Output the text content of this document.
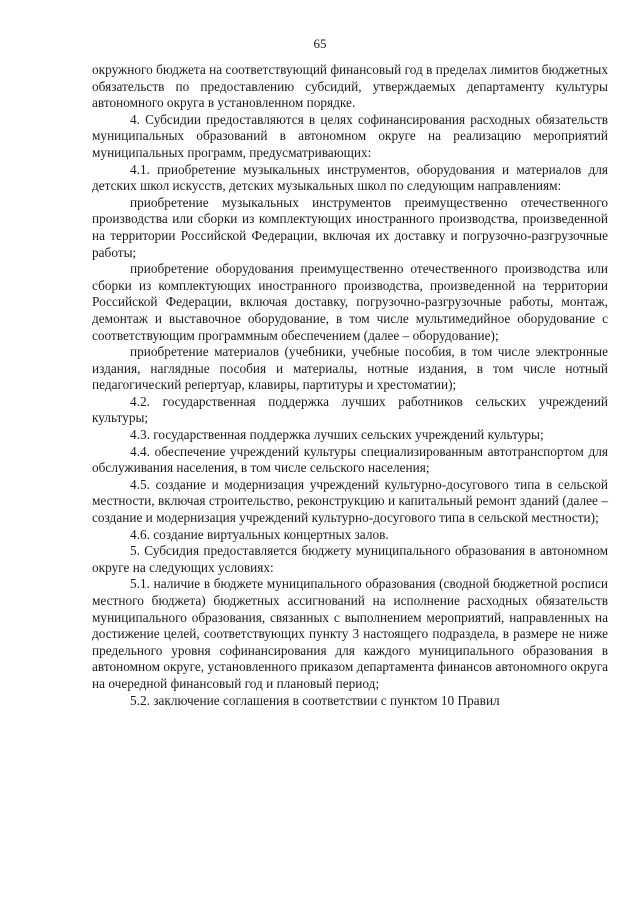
65

окружного бюджета на соответствующий финансовый год в пределах лимитов бюджетных обязательств по предоставлению субсидий, утверждаемых департаменту культуры автономного округа в установленном порядке.

4. Субсидии предоставляются в целях софинансирования расходных обязательств муниципальных образований в автономном округе на реализацию мероприятий муниципальных программ, предусматривающих:

4.1. приобретение музыкальных инструментов, оборудования и материалов для детских школ искусств, детских музыкальных школ по следующим направлениям:

приобретение музыкальных инструментов преимущественно отечественного производства или сборки из комплектующих иностранного производства, произведенной на территории Российской Федерации, включая их доставку и погрузочно-разгрузочные работы;

приобретение оборудования преимущественно отечественного производства или сборки из комплектующих иностранного производства, произведенной на территории Российской Федерации, включая доставку, погрузочно-разгрузочные работы, монтаж, демонтаж и выставочное оборудование, в том числе мультимедийное оборудование с соответствующим программным обеспечением (далее – оборудование);

приобретение материалов (учебники, учебные пособия, в том числе электронные издания, наглядные пособия и материалы, нотные издания, в том числе нотный педагогический репертуар, клавиры, партитуры и хрестоматии);

4.2. государственная поддержка лучших работников сельских учреждений культуры;

4.3. государственная поддержка лучших сельских учреждений культуры;

4.4. обеспечение учреждений культуры специализированным автотранспортом для обслуживания населения, в том числе сельского населения;

4.5. создание и модернизация учреждений культурно-досугового типа в сельской местности, включая строительство, реконструкцию и капитальный ремонт зданий (далее – создание и модернизация учреждений культурно-досугового типа в сельской местности);

4.6. создание виртуальных концертных залов.

5. Субсидия предоставляется бюджету муниципального образования в автономном округе на следующих условиях:

5.1. наличие в бюджете муниципального образования (сводной бюджетной росписи местного бюджета) бюджетных ассигнований на исполнение расходных обязательств муниципального образования, связанных с выполнением мероприятий, направленных на достижение целей, соответствующих пункту 3 настоящего подраздела, в размере не ниже предельного уровня софинансирования для каждого муниципального образования в автономном округе, установленного приказом департамента финансов автономного округа на очередной финансовый год и плановый период;

5.2. заключение соглашения в соответствии с пунктом 10 Правил
